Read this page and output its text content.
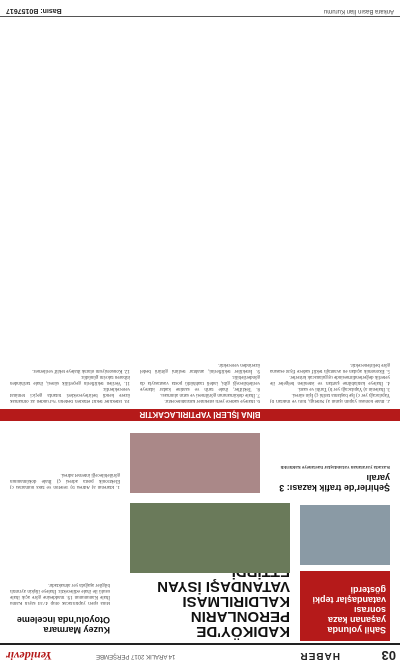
03
HABER
14 ARALIK 2017 PERŞEMBE
Yenidevir
Sahil yolunda yaşanan kaza sonrası vatandaşlar tepki gösterdi
KADIKÖY'DE PERONLARIN KALDIRILMASI VATANDAŞI İSYAN
Kuzey Marmara Otoyolu'nda inceleme
Bina işleri yaptırılacak olup 4734 sayılı Kamu İhale Kanununun 19. maddesine göre açık ihale usulü ile ihale edilecektir. İhaleye ilişkin ayrıntılı bilgiler aşağıda yer almaktadır.
Şehirler'de trafik kazası: 3 yaralı
Kazada yaralanan vatandaşlar hastaneye kaldırıldı
1. İdarenin a) Adresi b) Telefon ve faks numarası c) Elektronik posta adresi ç) İhale dokümanının görülebileceği internet adresi.
BİNA İŞLERİ YAPTIRILACAKTIR
2. İhale konusu yapım işinin a) Niteliği, türü ve miktarı b) Yapılacağı yer c) İşe başlama tarihi ç) İşin süresi.
3. İhalenin a) Yapılacağı yer b) Tarihi ve saati.
4. İhaleye katılabilme şartları ve istenilen belgeler ile yeterlik değerlendirmesinde uygulanacak kriterler.
5. Ekonomik açıdan en avantajlı teklif sadece fiyat esasına göre belirlenecektir.
6. İhaleye sadece yerli istekliler katılabilecektir.
7. İhale dokümanının görülmesi ve satın alınması.
8. Teklifler, ihale tarih ve saatine kadar idareye verilebileceği gibi, iadeli taahhütlü posta vasıtasıyla da gönderilebilir.
9. İstekliler tekliflerini, anahtar teslimi götürü bedel üzerinden verecektir.
10. İstekliler teklif ettikleri bedelin %3'ünden az olmamak üzere kendi belirleyecekleri tutarda geçici teminat vereceklerdir.
11. Verilen tekliflerin geçerlilik süresi, ihale tarihinden itibaren takvim günüdür.
12. Konsorsiyum olarak ihaleye teklif verilemez.
Ankara Basın İlan Kurumu
Basın: B0157617
